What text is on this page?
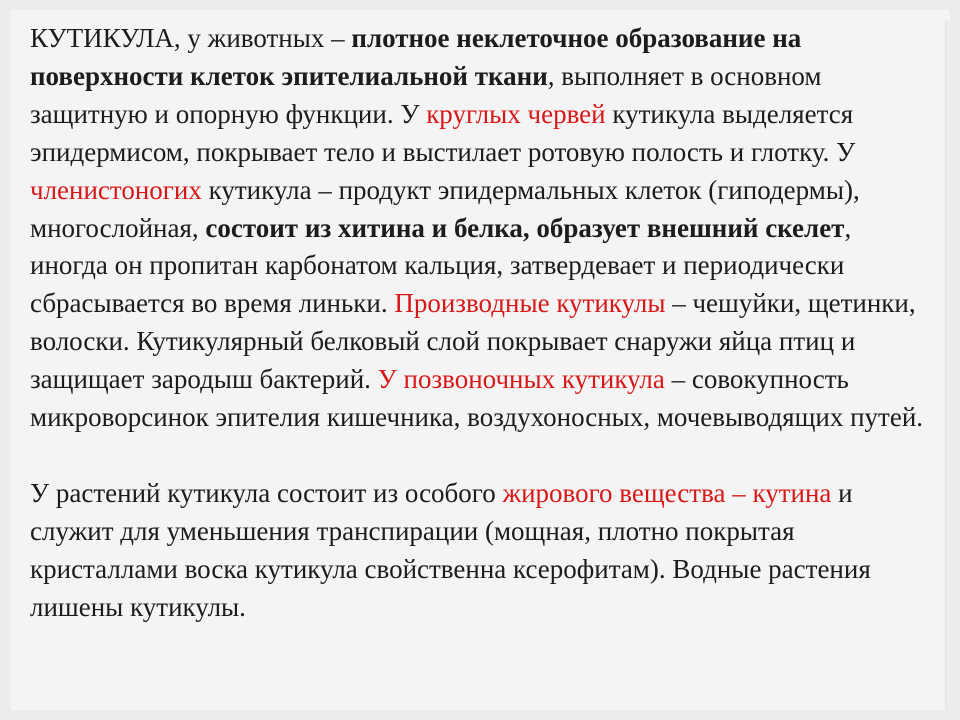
КУТИКУЛА, у животных – плотное неклеточное образование на поверхности клеток эпителиальной ткани, выполняет в основном защитную и опорную функции. У круглых червей кутикула выделяется эпидермисом, покрывает тело и выстилает ротовую полость и глотку. У членистоногих кутикула – продукт эпидермальных клеток (гиподермы), многослойная, состоит из хитина и белка, образует внешний скелет, иногда он пропитан карбонатом кальция, затвердевает и периодически сбрасывается во время линьки. Производные кутикулы – чешуйки, щетинки, волоски. Кутикулярный белковый слой покрывает снаружи яйца птиц и защищает зародыш бактерий. У позвоночных кутикула – совокупность микроворсинок эпителия кишечника, воздухоносных, мочевыводящих путей.

У растений кутикула состоит из особого жирового вещества – кутина и служит для уменьшения транспирации (мощная, плотно покрытая кристаллами воска кутикула свойственна ксерофитам). Водные растения лишены кутикулы.
